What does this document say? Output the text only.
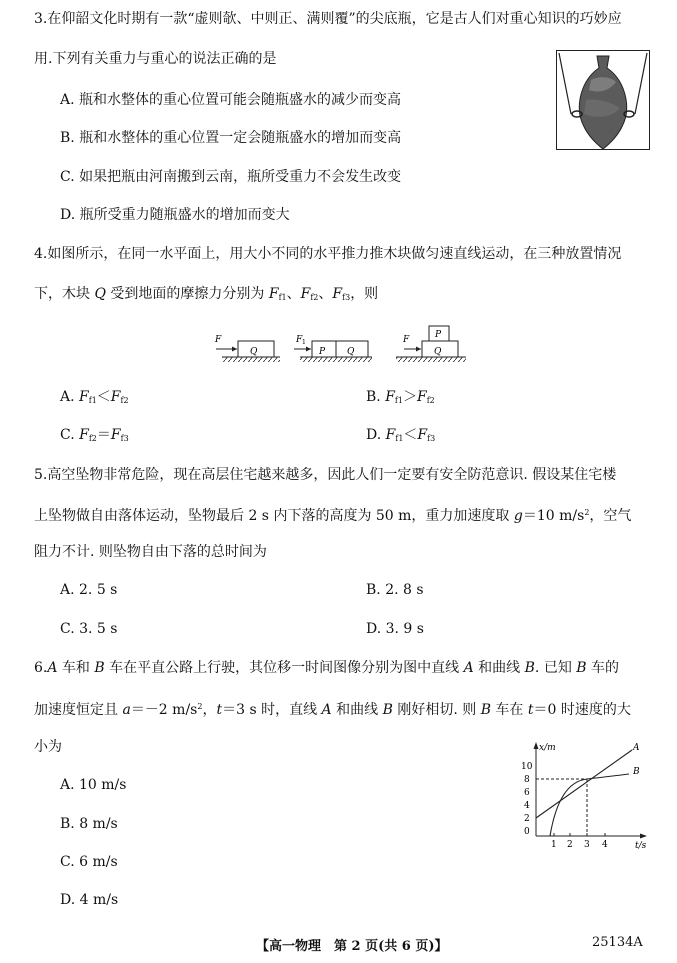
3.在仰韶文化时期有一款“虚则欹、中则正、满则覆”的尖底瓶，它是古人们对重心知识的巧妙应
用.下列有关重力与重心的说法正确的是
A. 瓶和水整体的重心位置可能会随瓶盛水的减少而变高
B. 瓶和水整体的重心位置一定会随瓶盛水的增加而变高
C. 如果把瓶由河南搬到云南，瓶所受重力不会发生改变
D. 瓶所受重力随瓶盛水的增加而变大
4.如图所示，在同一水平面上，用大小不同的水平推力推木块做匀速直线运动，在三种放置情况
下，木块 Q 受到地面的摩擦力分别为 $F_{f1}$、$F_{f2}$、$F_{f3}$，则
F
Q
F 1
P Q
F	P
Q
A. $F_{f1}<F_{f2}$	B. $F_{f1}>F_{f2}$
C. $F_{f2}=F_{f3}$	D. $F_{f1}<F_{f3}$
5.高空坠物非常危险，现在高层住宅越来越多，因此人们一定要有安全防范意识. 假设某住宅楼
上坠物做自由落体运动，坠物最后 2 s 内下落的高度为 50 m，重力加速度取 g＝10 $m/s^2$，空气
阻力不计. 则坠物自由下落的总时间为
A. 2. 5 s	B. 2. 8 s
C. 3. 5 s	D. 3. 9 s
6.A 车和 B 车在平直公路上行驶，其位移一时间图像分别为图中直线 A 和曲线 B. 已知 B 车的
加速度恒定且 a＝－2 $m/s^2$，t＝3 s 时，直线 A 和曲线 B 刚好相切. 则 B 车在 t＝0 时速度的大
小为
A. 10 m/s
B. 8 m/s
C. 6 m/s
D. 4 m/s
x/m
t/s
10
8
6
4
2
0
1 2 3 4
A
B
【高一物理　第 2 页(共 6 页)】	25134A
